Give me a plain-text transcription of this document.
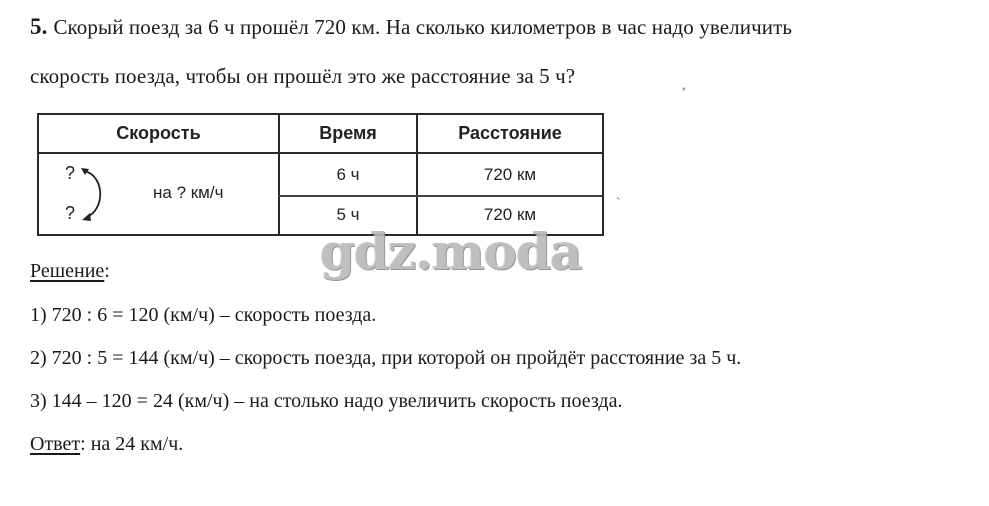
5. Скорый поезд за 6 ч прошёл 720 км. На сколько километров в час надо увеличить
скорость поезда, чтобы он прошёл это же расстояние за 5 ч?	,
Скорость	Время	Расстояние
?
?
на ? км/ч
6 ч	720 км
5 ч	720 км
ˋ
gdz.moda
Решение:
1) 720 : 6 = 120 (км/ч) – скорость поезда.
2) 720 : 5 = 144 (км/ч) – скорость поезда, при которой он пройдёт расстояние за 5 ч.
3) 144 – 120 = 24 (км/ч) – на столько надо увеличить скорость поезда.
Ответ: на 24 км/ч.
